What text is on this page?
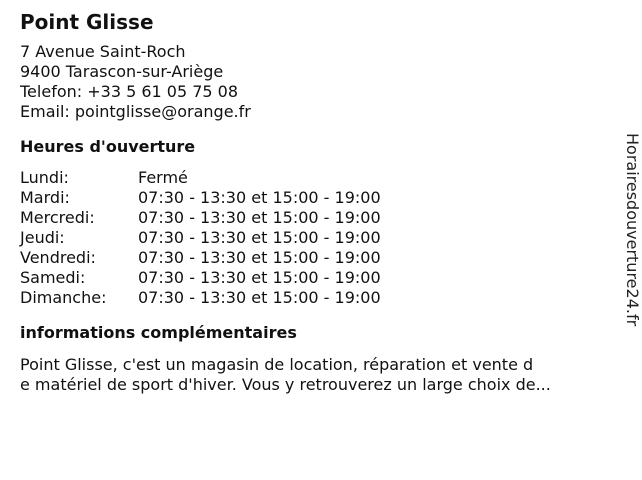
Point Glisse
7 Avenue Saint-Roch
9400 Tarascon-sur-Ariège
Telefon: +33 5 61 05 75 08
Email: pointglisse@orange.fr
Heures d'ouverture
Lundi:	Fermé
Mardi:	07:30 - 13:30 et 15:00 - 19:00
Mercredi:	07:30 - 13:30 et 15:00 - 19:00
Jeudi:	07:30 - 13:30 et 15:00 - 19:00
Vendredi:	07:30 - 13:30 et 15:00 - 19:00
Samedi:	07:30 - 13:30 et 15:00 - 19:00
Dimanche:	07:30 - 13:30 et 15:00 - 19:00
informations complémentaires
Point Glisse, c'est un magasin de location, réparation et vente d
e matériel de sport d'hiver. Vous y retrouverez un large choix de...
Horairesdouverture24.fr
